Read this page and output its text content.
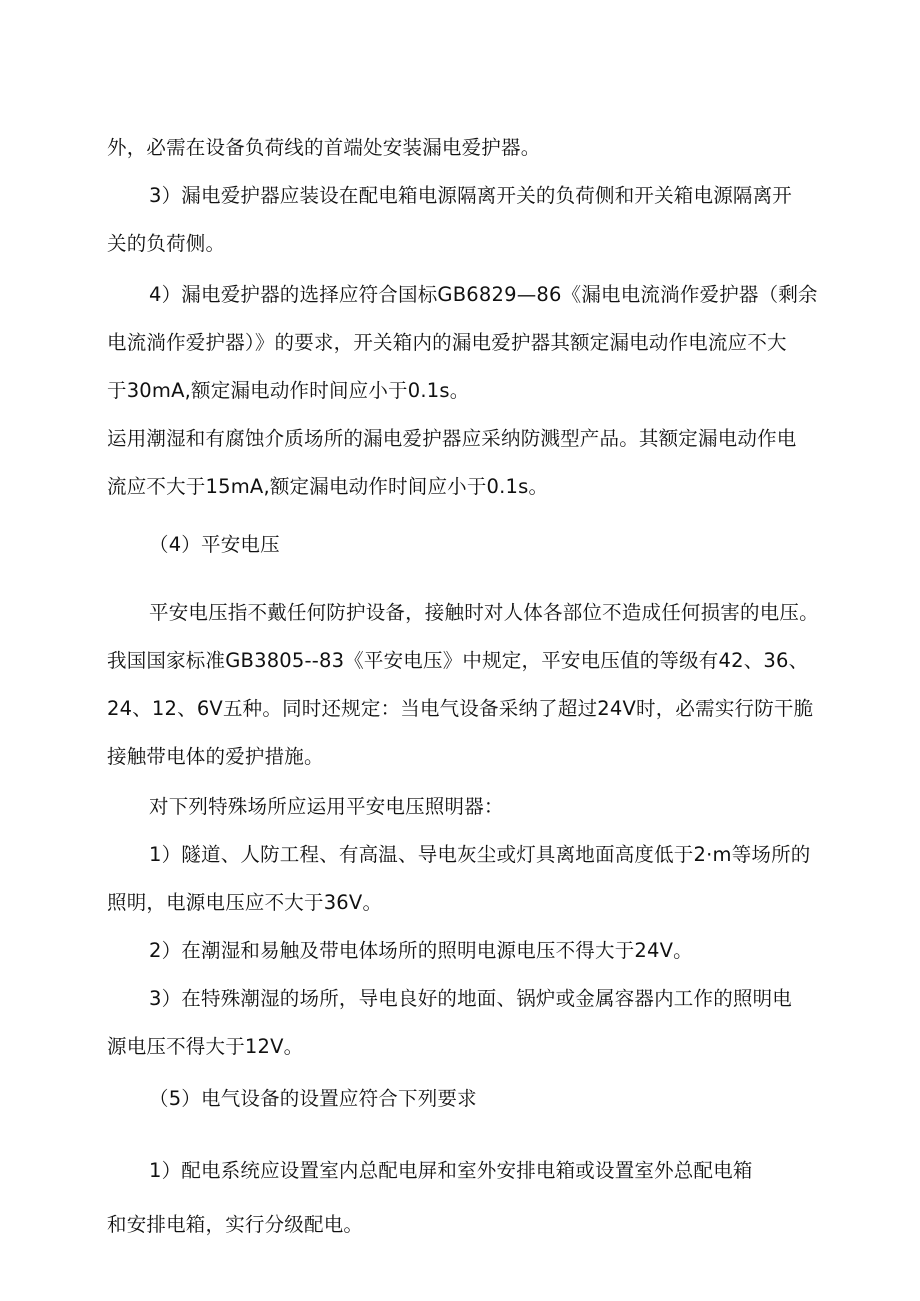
外，必需在设备负荷线的首端处安装漏电爱护器。

3）漏电爱护器应装设在配电箱电源隔离开关的负荷侧和开关箱电源隔离开

关的负荷侧。

4）漏电爱护器的选择应符合国标GB6829—86《漏电电流淌作爱护器（剩余

电流淌作爱护器）》的要求，开关箱内的漏电爱护器其额定漏电动作电流应不大

于30mA,额定漏电动作时间应小于0.1s。

运用潮湿和有腐蚀介质场所的漏电爱护器应采纳防溅型产品。其额定漏电动作电

流应不大于15mA,额定漏电动作时间应小于0.1s。

（4）平安电压

平安电压指不戴任何防护设备，接触时对人体各部位不造成任何损害的电压。

我国国家标准GB3805--83《平安电压》中规定，平安电压值的等级有42、36、

24、12、6V五种。同时还规定：当电气设备采纳了超过24V时，必需实行防干脆

接触带电体的爱护措施。

对下列特殊场所应运用平安电压照明器：

1）隧道、人防工程、有高温、导电灰尘或灯具离地面高度低于2·m等场所的

照明，电源电压应不大于36V。

2）在潮湿和易触及带电体场所的照明电源电压不得大于24V。

3）在特殊潮湿的场所，导电良好的地面、锅炉或金属容器内工作的照明电

源电压不得大于12V。

（5）电气设备的设置应符合下列要求

1）配电系统应设置室内总配电屏和室外安排电箱或设置室外总配电箱

和安排电箱，实行分级配电。
